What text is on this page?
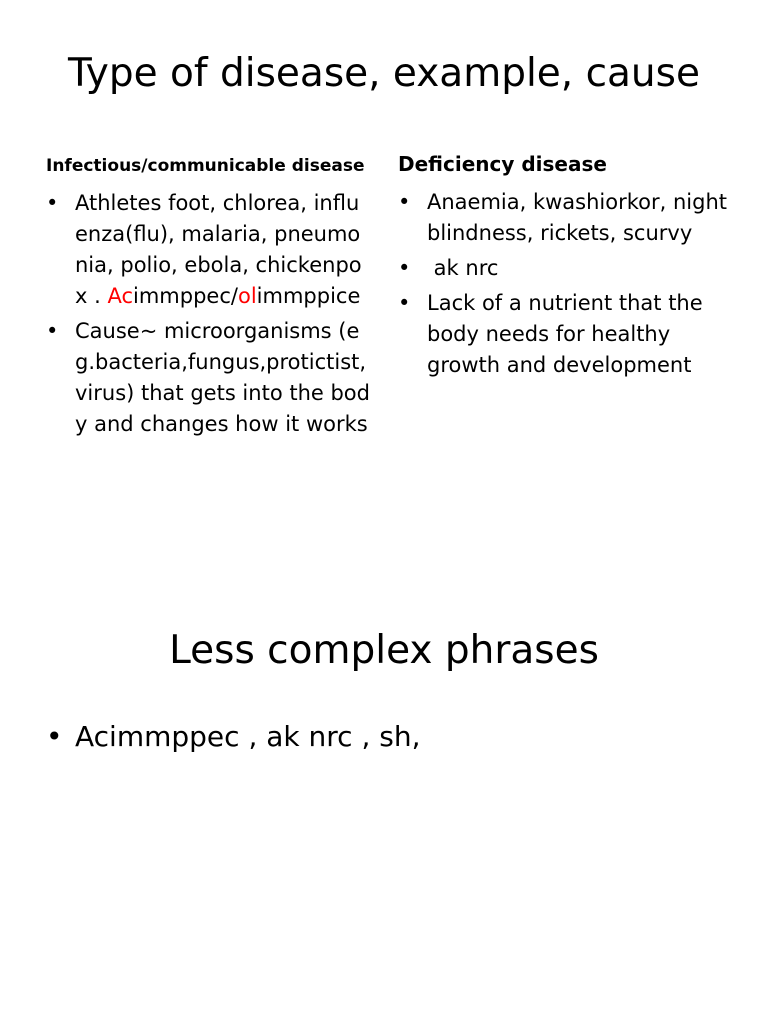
Type of disease, example, cause

Infectious/communicable disease

• Athletes foot, chlorea, influenza(flu), malaria, pneumonia, polio, ebola, chickenpox . Acimmppec/olimmppice
• Cause~ microorganisms (eg.bacteria,fungus,protictist,virus) that gets into the body and changes how it works

Deficiency disease

• Anaemia, kwashiorkor, night blindness, rickets, scurvy
• ak nrc
• Lack of a nutrient that the body needs for healthy growth and development
Less complex phrases
• Acimmppec , ak nrc , sh,
